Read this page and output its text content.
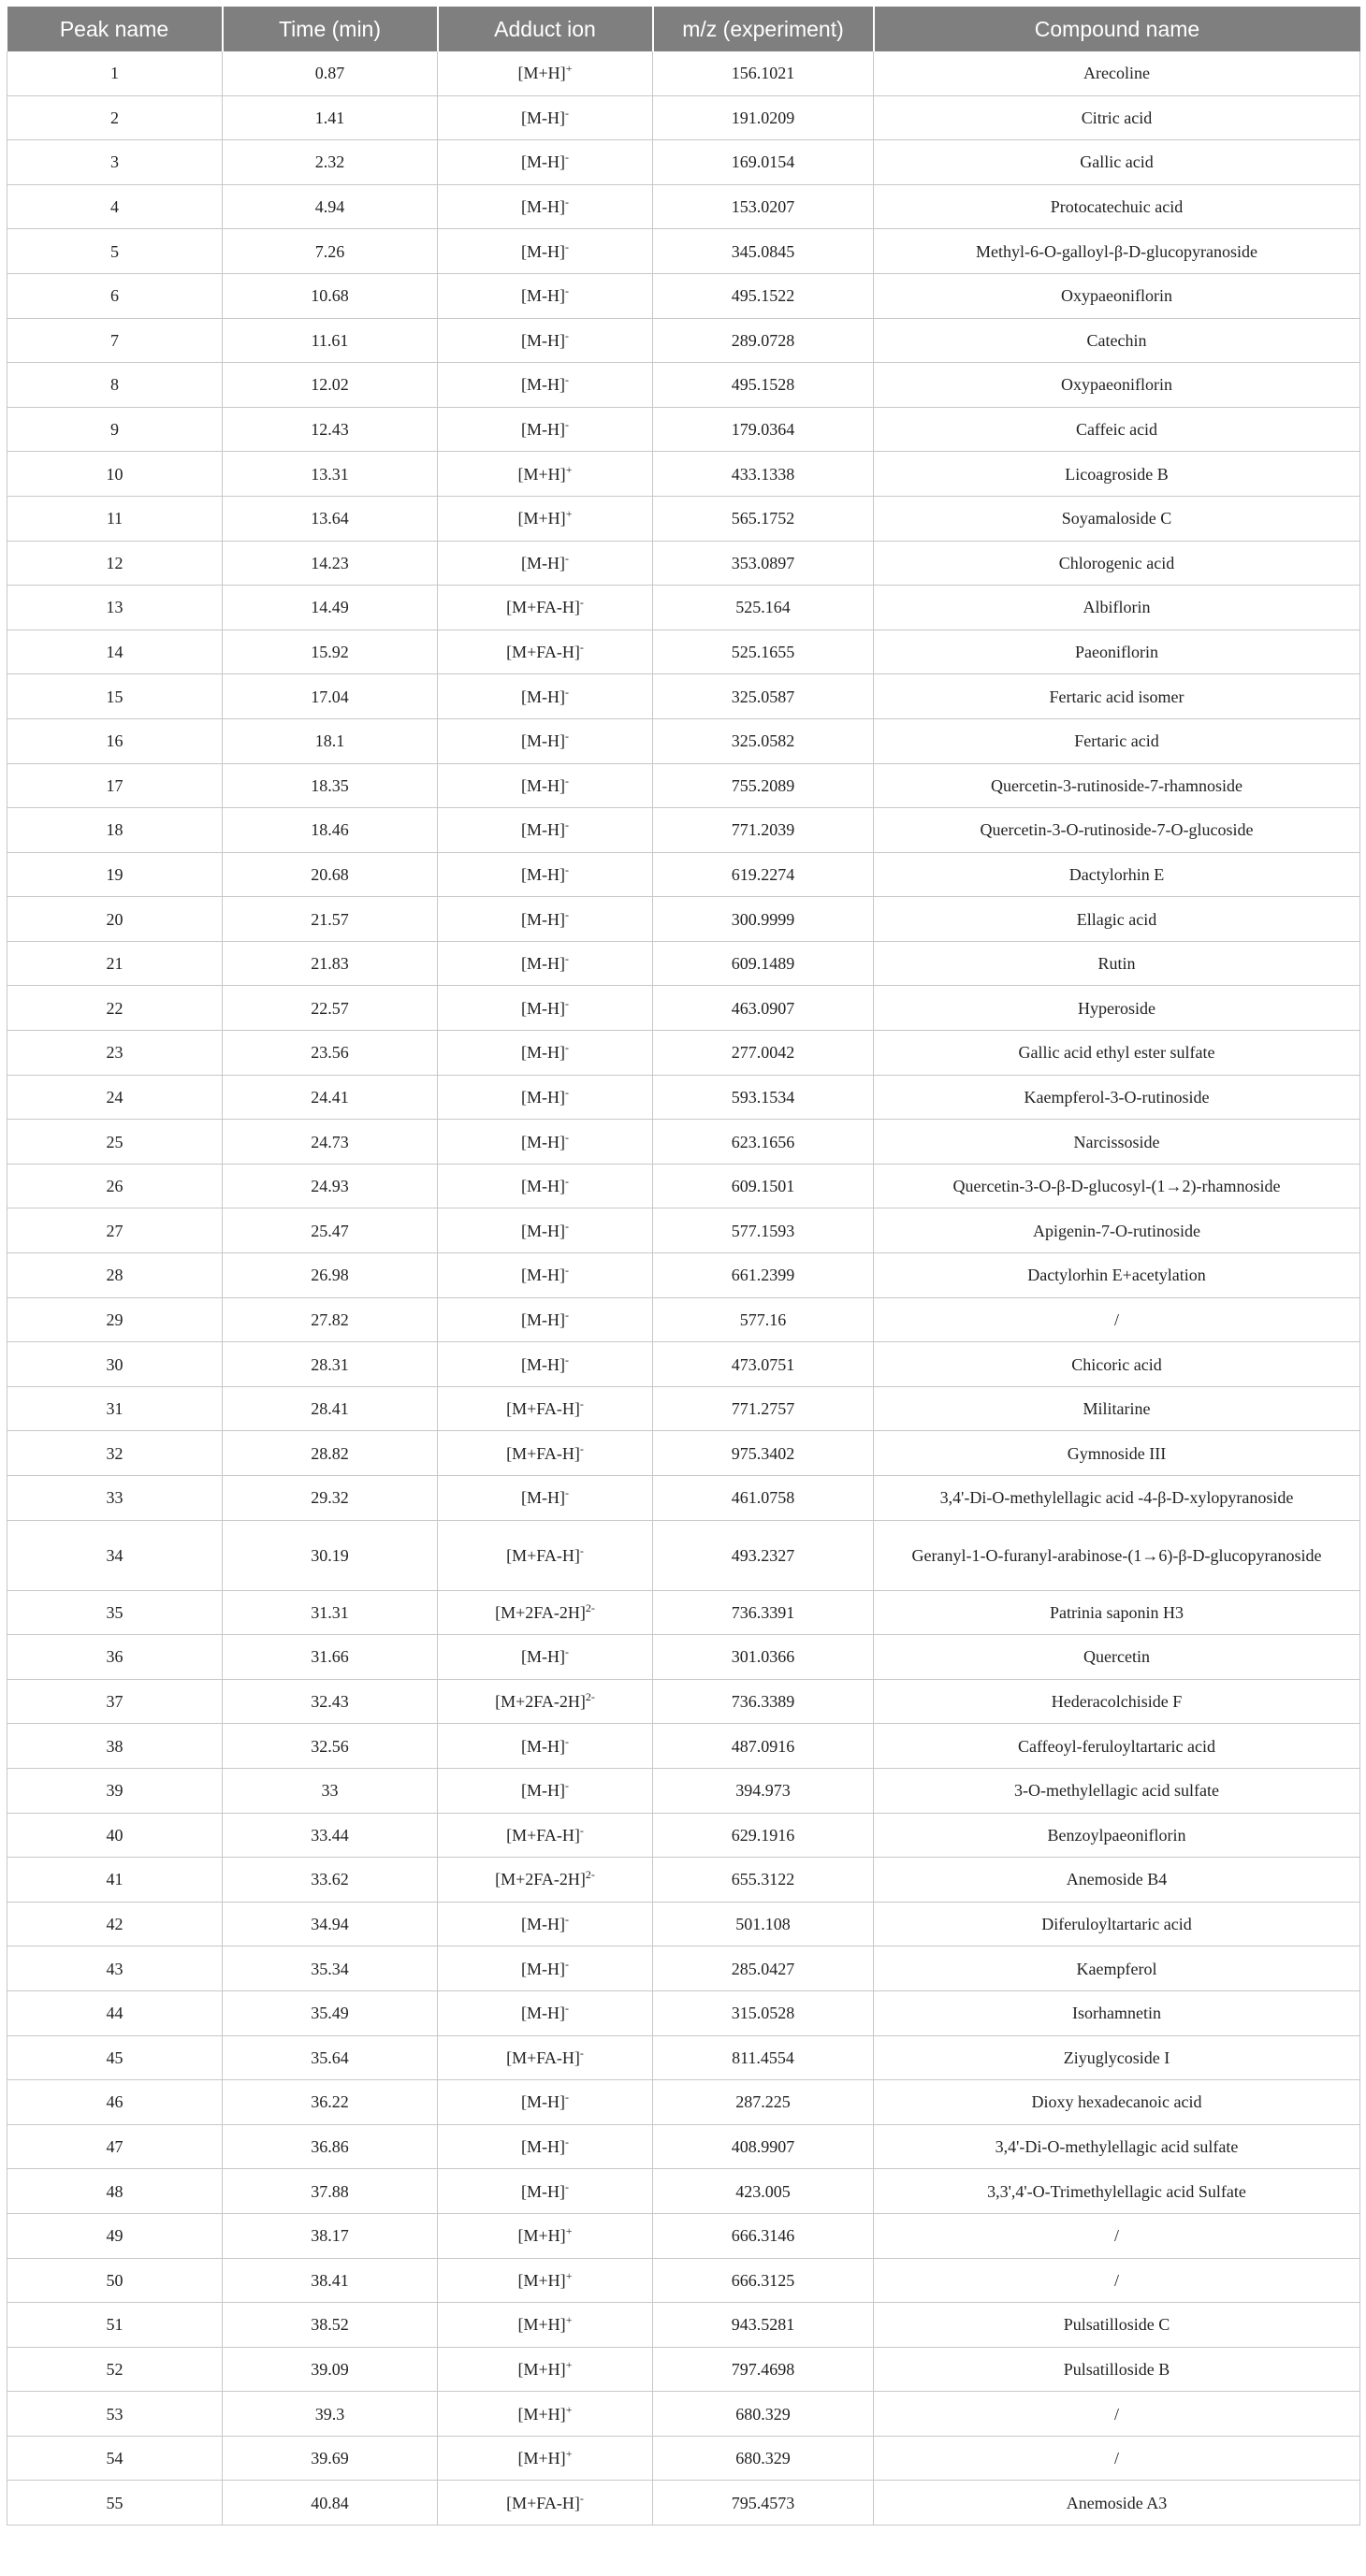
Peak name	Time (min)	Adduct ion	m/z (experiment)	Compound name
1	0.87	[M+H]+	156.1021	Arecoline
2	1.41	[M-H]-	191.0209	Citric acid
3	2.32	[M-H]-	169.0154	Gallic acid
4	4.94	[M-H]-	153.0207	Protocatechuic acid
5	7.26	[M-H]-	345.0845	Methyl-6-O-galloyl-β-D-glucopyranoside
6	10.68	[M-H]-	495.1522	Oxypaeoniflorin
7	11.61	[M-H]-	289.0728	Catechin
8	12.02	[M-H]-	495.1528	Oxypaeoniflorin
9	12.43	[M-H]-	179.0364	Caffeic acid
10	13.31	[M+H]+	433.1338	Licoagroside B
11	13.64	[M+H]+	565.1752	Soyamaloside C
12	14.23	[M-H]-	353.0897	Chlorogenic acid
13	14.49	[M+FA-H]-	525.164	Albiflorin
14	15.92	[M+FA-H]-	525.1655	Paeoniflorin
15	17.04	[M-H]-	325.0587	Fertaric acid isomer
16	18.1	[M-H]-	325.0582	Fertaric acid
17	18.35	[M-H]-	755.2089	Quercetin-3-rutinoside-7-rhamnoside
18	18.46	[M-H]-	771.2039	Quercetin-3-O-rutinoside-7-O-glucoside
19	20.68	[M-H]-	619.2274	Dactylorhin E
20	21.57	[M-H]-	300.9999	Ellagic acid
21	21.83	[M-H]-	609.1489	Rutin
22	22.57	[M-H]-	463.0907	Hyperoside
23	23.56	[M-H]-	277.0042	Gallic acid ethyl ester sulfate
24	24.41	[M-H]-	593.1534	Kaempferol-3-O-rutinoside
25	24.73	[M-H]-	623.1656	Narcissoside
26	24.93	[M-H]-	609.1501	Quercetin-3-O-β-D-glucosyl-(1→2)-rhamnoside
27	25.47	[M-H]-	577.1593	Apigenin-7-O-rutinoside
28	26.98	[M-H]-	661.2399	Dactylorhin E+acetylation
29	27.82	[M-H]-	577.16	/
30	28.31	[M-H]-	473.0751	Chicoric acid
31	28.41	[M+FA-H]-	771.2757	Militarine
32	28.82	[M+FA-H]-	975.3402	Gymnoside III
33	29.32	[M-H]-	461.0758	3,4'-Di-O-methylellagic acid -4-β-D-xylopyranoside
34	30.19	[M+FA-H]-	493.2327	Geranyl-1-O-furanyl-arabinose-(1→6)-β-D-glucopyranoside
35	31.31	$[M+2FA-2H]^{2-}$	736.3391	Patrinia saponin H3
36	31.66	[M-H]-	301.0366	Quercetin
37	32.43	$[M+2FA-2H]^{2-}$	736.3389	Hederacolchiside F
38	32.56	[M-H]-	487.0916	Caffeoyl-feruloyltartaric acid
39	33	[M-H]-	394.973	3-O-methylellagic acid sulfate
40	33.44	[M+FA-H]-	629.1916	Benzoylpaeoniflorin
41	33.62	$[M+2FA-2H]^{2-}$	655.3122	Anemoside B4
42	34.94	[M-H]-	501.108	Diferuloyltartaric acid
43	35.34	[M-H]-	285.0427	Kaempferol
44	35.49	[M-H]-	315.0528	Isorhamnetin
45	35.64	[M+FA-H]-	811.4554	Ziyuglycoside I
46	36.22	[M-H]-	287.225	Dioxy hexadecanoic acid
47	36.86	[M-H]-	408.9907	3,4'-Di-O-methylellagic acid sulfate
48	37.88	[M-H]-	423.005	3,3',4'-O-Trimethylellagic acid Sulfate
49	38.17	[M+H]+	666.3146	/
50	38.41	[M+H]+	666.3125	/
51	38.52	[M+H]+	943.5281	Pulsatilloside C
52	39.09	[M+H]+	797.4698	Pulsatilloside B
53	39.3	[M+H]+	680.329	/
54	39.69	[M+H]+	680.329	/
55	40.84	[M+FA-H]-	795.4573	Anemoside A3
